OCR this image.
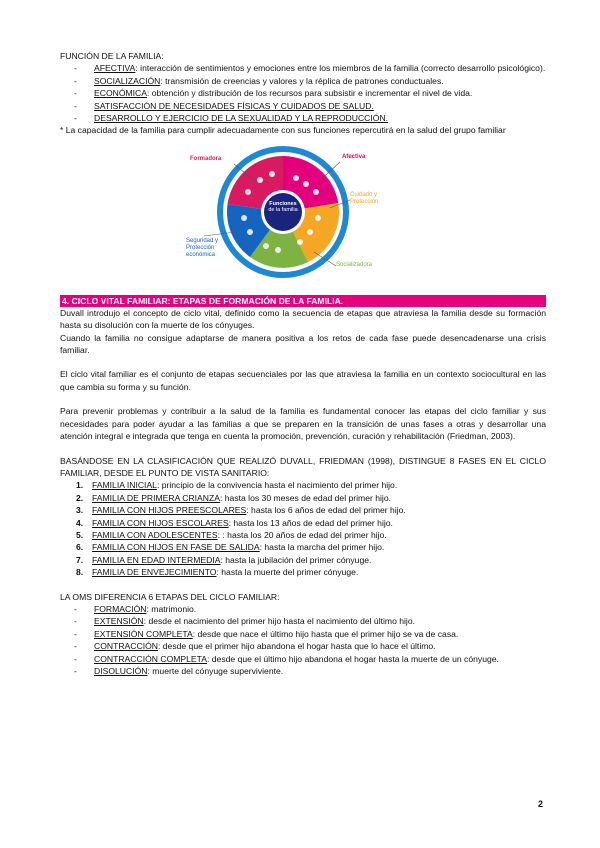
FUNCIÓN DE LA FAMILIA:
- AFECTIVA: interacción de sentimientos y emociones entre los miembros de la familia (correcto desarrollo psicológico).
- SOCIALIZACIÓN: transmisión de creencias y valores y la réplica de patrones conductuales.
- ECONÓMICA: obtención y distribución de los recursos para subsistir e incrementar el nivel de vida.
- SATISFACCIÓN DE NECESIDADES FÍSICAS Y CUIDADOS DE SALUD.
- DESARROLLO Y EJERCICIO DE LA SEXUALIDAD Y LA REPRODUCCIÓN.

* La capacidad de la familia para cumplir adecuadamente con sus funciones repercutirá en la salud del grupo familiar

Funciones
de la familia
Formadora	Afectiva
Cuidado y Protección
Seguridad y Protección económica
Socializadora
4. CICLO VITAL FAMILIAR: ETAPAS DE FORMACIÓN DE LA FAMILIA.

Duvall introdujo el concepto de ciclo vital, definido como la secuencia de etapas que atraviesa la familia desde su formación hasta su disolución con la muerte de los cónyuges.

Cuando la familia no consigue adaptarse de manera positiva a los retos de cada fase puede desencadenarse una crisis familiar.

El ciclo vital familiar es el conjunto de etapas secuenciales por las que atraviesa la familia en un contexto sociocultural en las que cambia su forma y su función.

Para prevenir problemas y contribuir a la salud de la familia es fundamental conocer las etapas del ciclo familiar y sus necesidades para poder ayudar a las familias a que se preparen en la transición de unas fases a otras y desarrollar una atención integral e integrada que tenga en cuenta la promoción, prevención, curación y rehabilitación (Friedman, 2003).

BASÁNDOSE EN LA CLASIFICACIÓN QUE REALIZÓ DUVALL, FRIEDMAN (1998), DISTINGUE 8 FASES EN EL CICLO FAMILIAR, DESDE EL PUNTO DE VISTA SANITARIO:

1. FAMILIA INICIAL: principio de la convivencia hasta el nacimiento del primer hijo.
2. FAMILIA DE PRIMERA CRIANZA: hasta los 30 meses de edad del primer hijo.
3. FAMILIA CON HIJOS PREESCOLARES: hasta los 6 años de edad del primer hijo.
4. FAMILIA CON HIJOS ESCOLARES: hasta los 13 años de edad del primer hijo.
5. FAMILIA CON ADOLESCENTES: : hasta los 20 años de edad del primer hijo.
6. FAMILIA CON HIJOS EN FASE DE SALIDA: hasta la marcha del primer hijo.
7. FAMILIA EN EDAD INTERMEDIA: hasta la jubilación del primer cónyuge.
8. FAMILIA DE ENVEJECIMIENTO: hasta la muerte del primer cónyuge.
LA OMS DIFERENCIA 6 ETAPAS DEL CICLO FAMILIAR:
- FORMACIÓN: matrimonio.
- EXTENSIÓN: desde el nacimiento del primer hijo hasta el nacimiento del último hijo.
- EXTENSIÓN COMPLETA: desde que nace el último hijo hasta que el primer hijo se va de casa.
- CONTRACCIÓN: desde que el primer hijo abandona el hogar hasta que lo hace el último.
- CONTRACCIÓN COMPLETA: desde que el último hijo abandona el hogar hasta la muerte de un cónyuge.
- DISOLUCIÓN: muerte del cónyuge superviviente.
2
